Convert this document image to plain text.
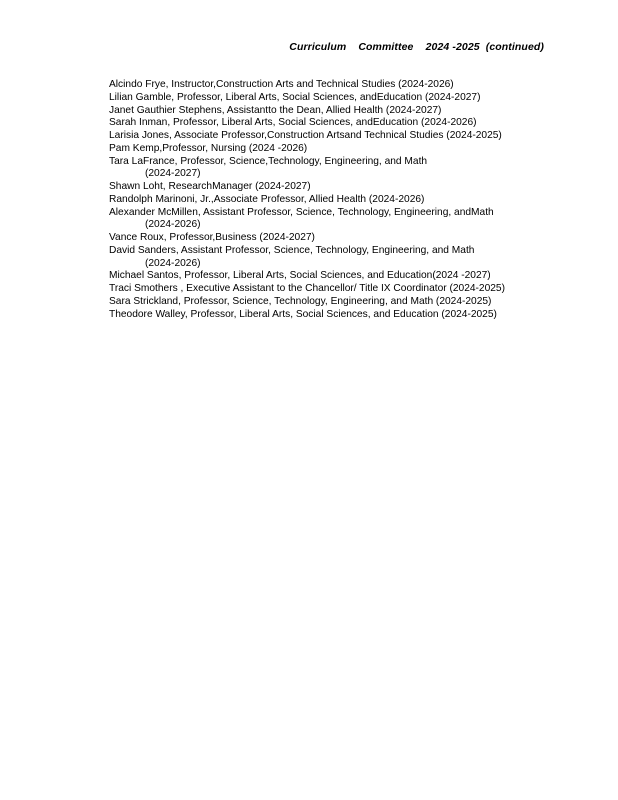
Curriculum    Committee    2024 -2025  (continued)
Alcindo Frye, Instructor,Construction Arts and Technical Studies (2024-2026)
Lilian Gamble, Professor, Liberal Arts, Social Sciences, andEducation (2024-2027)
Janet Gauthier Stephens, Assistantto the Dean, Allied Health (2024-2027)
Sarah Inman, Professor, Liberal Arts, Social Sciences, andEducation (2024-2026)
Larisia Jones, Associate Professor,Construction Artsand Technical Studies (2024-2025)
Pam Kemp,Professor, Nursing (2024 -2026)
Tara LaFrance, Professor, Science,Technology, Engineering, and Math
(2024-2027)
Shawn Loht, ResearchManager (2024-2027)
Randolph Marinoni, Jr.,Associate Professor, Allied Health (2024-2026)
Alexander McMillen, Assistant Professor, Science, Technology, Engineering, andMath
(2024-2026)
Vance Roux, Professor,Business (2024-2027)
David Sanders, Assistant Professor, Science, Technology, Engineering, and Math
(2024-2026)
Michael Santos, Professor, Liberal Arts, Social Sciences, and Education(2024 -2027)
Traci Smothers , Executive Assistant to the Chancellor/ Title IX Coordinator (2024-2025)
Sara Strickland, Professor, Science, Technology, Engineering, and Math (2024-2025)
Theodore Walley, Professor, Liberal Arts, Social Sciences, and Education (2024-2025)
